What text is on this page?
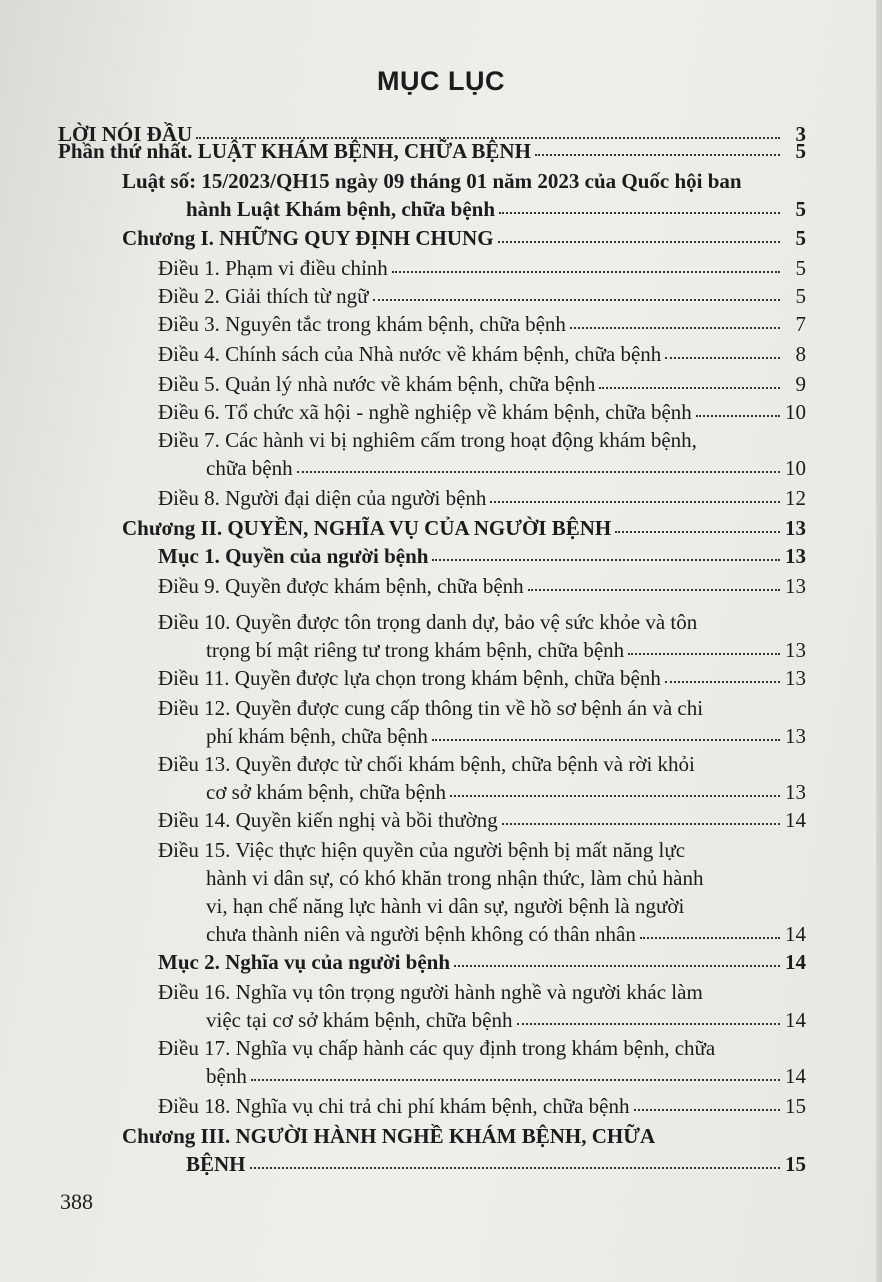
MỤC LỤC
LỜI NÓI ĐẦU	3
Phần thứ nhất. LUẬT KHÁM BỆNH, CHỮA BỆNH	5
Luật số: 15/2023/QH15 ngày 09 tháng 01 năm 2023 của Quốc hội ban
hành Luật Khám bệnh, chữa bệnh	5
Chương I. NHỮNG QUY ĐỊNH CHUNG	5
Điều 1. Phạm vi điều chỉnh	5
Điều 2. Giải thích từ ngữ	5
Điều 3. Nguyên tắc trong khám bệnh, chữa bệnh	7
Điều 4. Chính sách của Nhà nước về khám bệnh, chữa bệnh	8
Điều 5. Quản lý nhà nước về khám bệnh, chữa bệnh	9
Điều 6. Tổ chức xã hội - nghề nghiệp về khám bệnh, chữa bệnh	10
Điều 7. Các hành vi bị nghiêm cấm trong hoạt động khám bệnh,
chữa bệnh	10
Điều 8. Người đại diện của người bệnh	12
Chương II. QUYỀN, NGHĨA VỤ CỦA NGƯỜI BỆNH	13
Mục 1. Quyền của người bệnh	13
Điều 9. Quyền được khám bệnh, chữa bệnh	13
Điều 10. Quyền được tôn trọng danh dự, bảo vệ sức khỏe và tôn
trọng bí mật riêng tư trong khám bệnh, chữa bệnh	13
Điều 11. Quyền được lựa chọn trong khám bệnh, chữa bệnh	13
Điều 12. Quyền được cung cấp thông tin về hồ sơ bệnh án và chi
phí khám bệnh, chữa bệnh	13
Điều 13. Quyền được từ chối khám bệnh, chữa bệnh và rời khỏi
cơ sở khám bệnh, chữa bệnh	13
Điều 14. Quyền kiến nghị và bồi thường	14
Điều 15. Việc thực hiện quyền của người bệnh bị mất năng lực
hành vi dân sự, có khó khăn trong nhận thức, làm chủ hành
vi, hạn chế năng lực hành vi dân sự, người bệnh là người
chưa thành niên và người bệnh không có thân nhân	14
Mục 2. Nghĩa vụ của người bệnh	14
Điều 16. Nghĩa vụ tôn trọng người hành nghề và người khác làm
việc tại cơ sở khám bệnh, chữa bệnh	14
Điều 17. Nghĩa vụ chấp hành các quy định trong khám bệnh, chữa
bệnh	14
Điều 18. Nghĩa vụ chi trả chi phí khám bệnh, chữa bệnh	15
Chương III. NGƯỜI HÀNH NGHỀ KHÁM BỆNH, CHỮA
BỆNH	15
388
